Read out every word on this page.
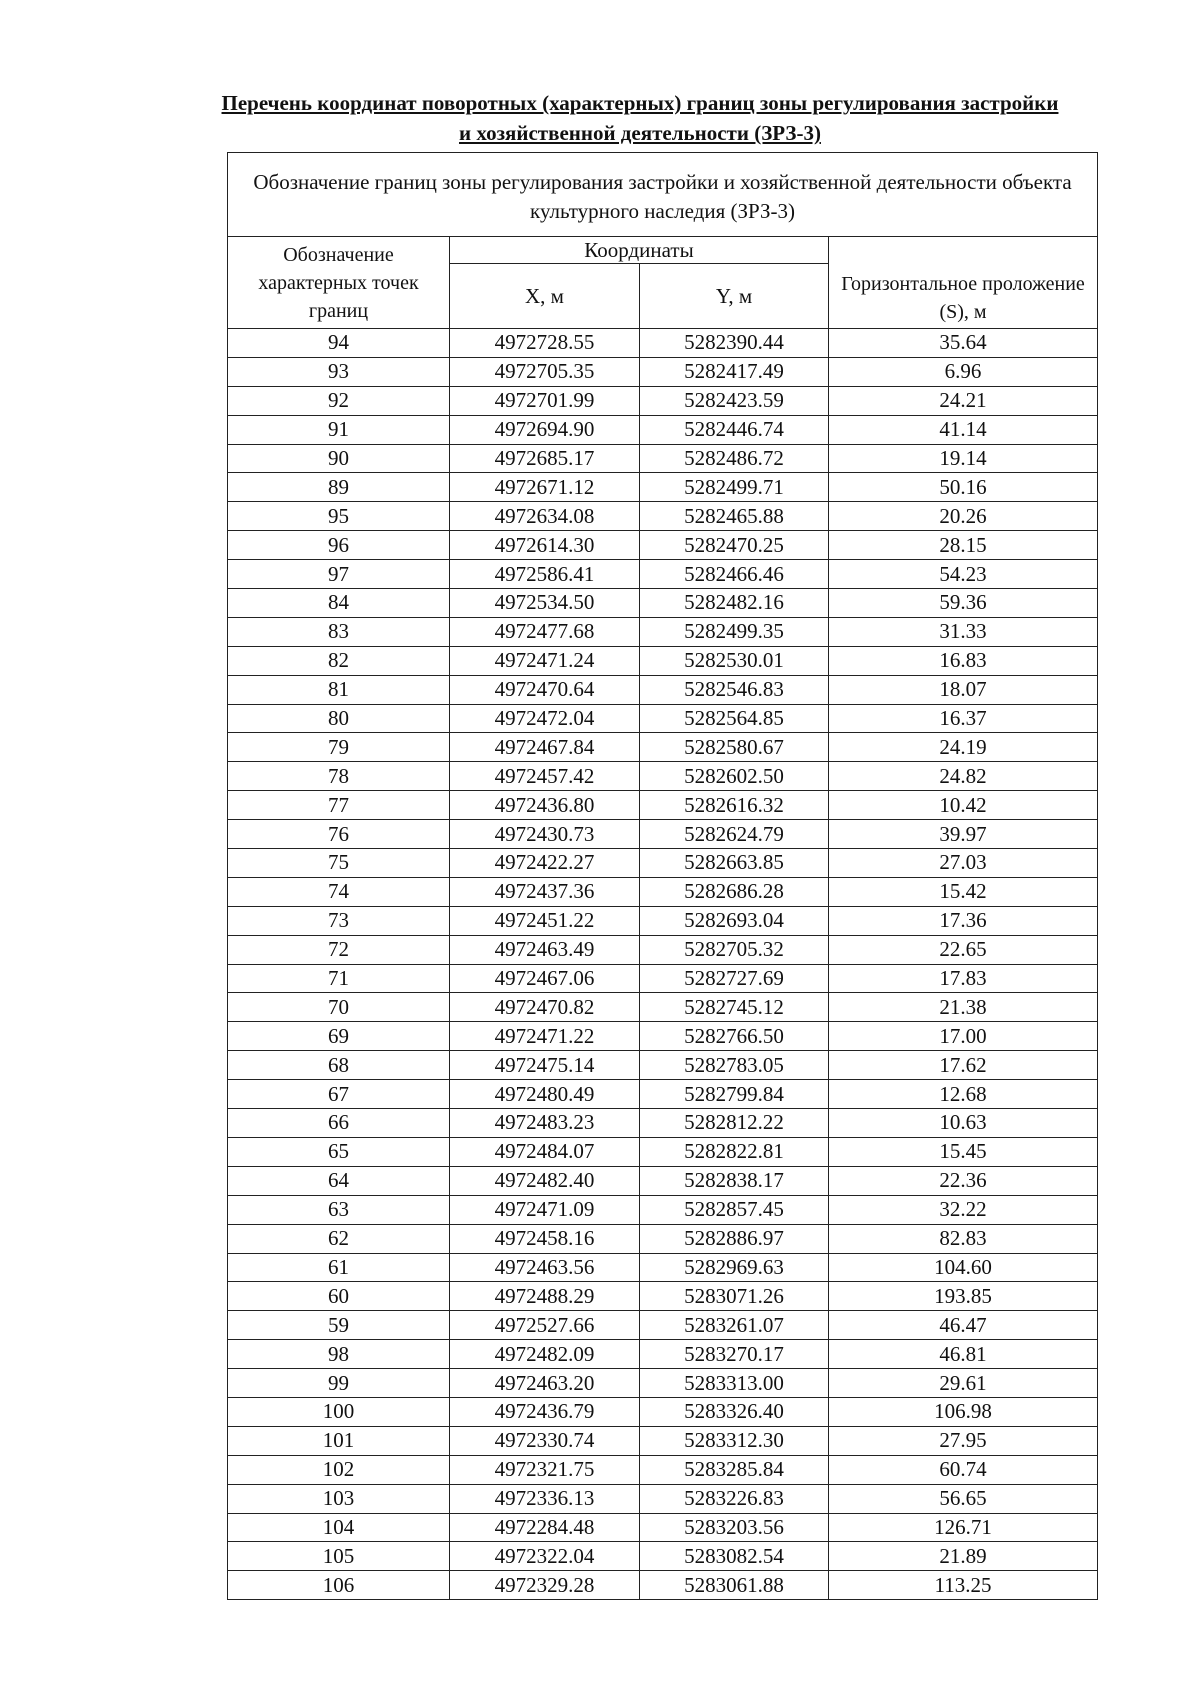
Перечень координат поворотных (характерных) границ зоны регулирования застройки
и хозяйственной деятельности (ЗРЗ-3)
Обозначение границ зоны регулирования застройки и хозяйственной деятельности объекта культурного наследия (ЗРЗ-3)			
Обозначение характерных точек границ	Координаты		Горизонтальное проложение (S), м
	X, м	Y, м	
94	4972728.55	5282390.44	35.64
93	4972705.35	5282417.49	6.96
92	4972701.99	5282423.59	24.21
91	4972694.90	5282446.74	41.14
90	4972685.17	5282486.72	19.14
89	4972671.12	5282499.71	50.16
95	4972634.08	5282465.88	20.26
96	4972614.30	5282470.25	28.15
97	4972586.41	5282466.46	54.23
84	4972534.50	5282482.16	59.36
83	4972477.68	5282499.35	31.33
82	4972471.24	5282530.01	16.83
81	4972470.64	5282546.83	18.07
80	4972472.04	5282564.85	16.37
79	4972467.84	5282580.67	24.19
78	4972457.42	5282602.50	24.82
77	4972436.80	5282616.32	10.42
76	4972430.73	5282624.79	39.97
75	4972422.27	5282663.85	27.03
74	4972437.36	5282686.28	15.42
73	4972451.22	5282693.04	17.36
72	4972463.49	5282705.32	22.65
71	4972467.06	5282727.69	17.83
70	4972470.82	5282745.12	21.38
69	4972471.22	5282766.50	17.00
68	4972475.14	5282783.05	17.62
67	4972480.49	5282799.84	12.68
66	4972483.23	5282812.22	10.63
65	4972484.07	5282822.81	15.45
64	4972482.40	5282838.17	22.36
63	4972471.09	5282857.45	32.22
62	4972458.16	5282886.97	82.83
61	4972463.56	5282969.63	104.60
60	4972488.29	5283071.26	193.85
59	4972527.66	5283261.07	46.47
98	4972482.09	5283270.17	46.81
99	4972463.20	5283313.00	29.61
100	4972436.79	5283326.40	106.98
101	4972330.74	5283312.30	27.95
102	4972321.75	5283285.84	60.74
103	4972336.13	5283226.83	56.65
104	4972284.48	5283203.56	126.71
105	4972322.04	5283082.54	21.89
106	4972329.28	5283061.88	113.25
